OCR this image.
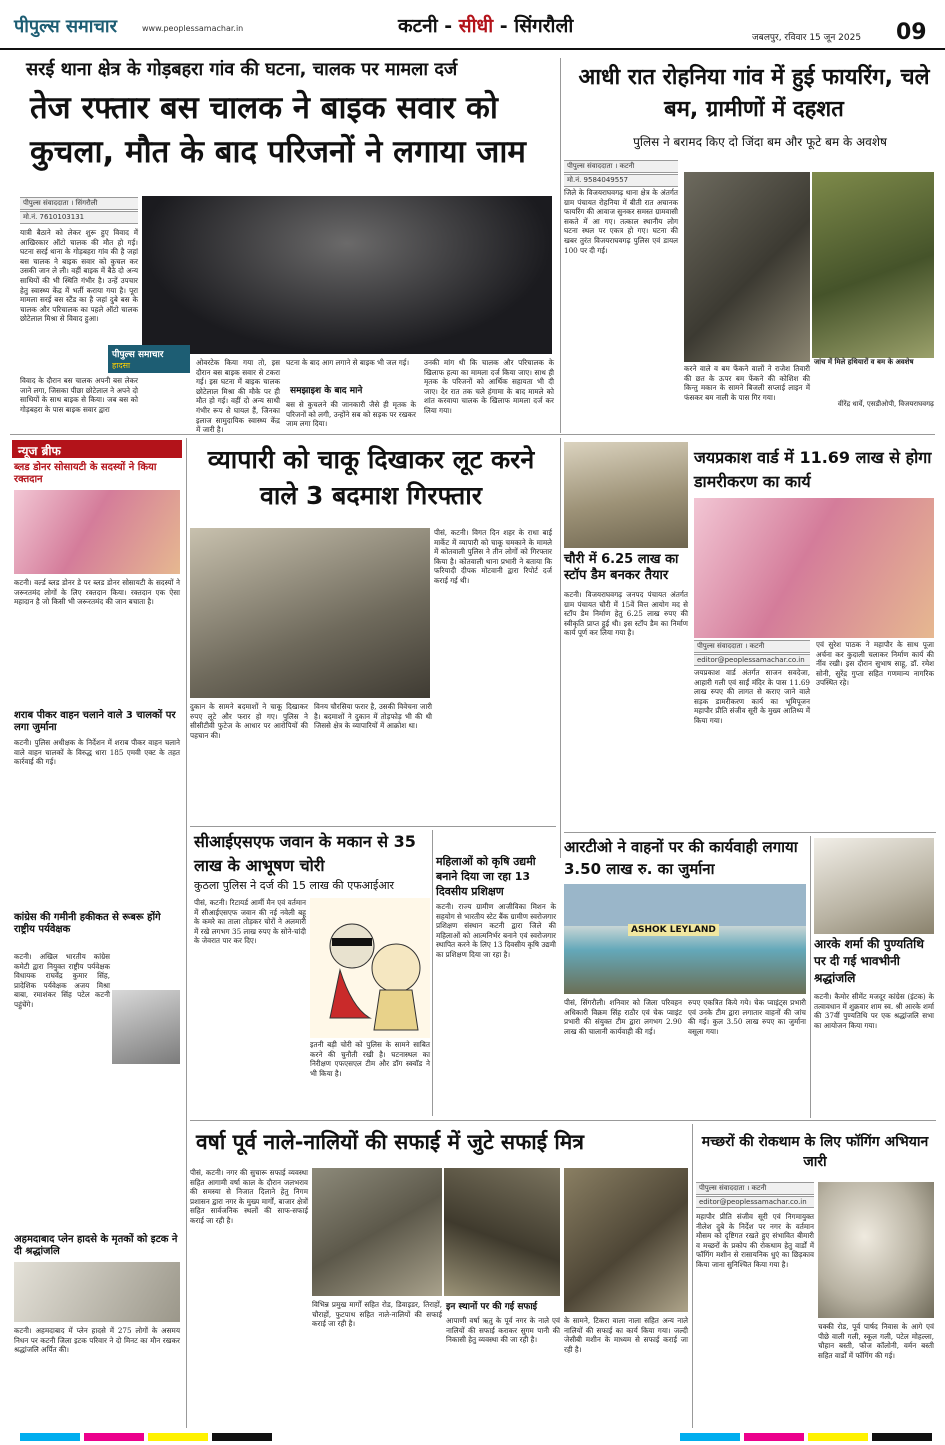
पीपुल्स समाचार	www.peoplessamachar.in	कटनी - सीधी - सिंगरौली
जबलपुर, रविवार 15 जून 2025 09
सरई थाना क्षेत्र के गोड़बहरा गांव की घटना, चालक पर मामला दर्ज
तेज रफ्तार बस चालक ने बाइक सवार को कुचला, मौत के बाद परिजनों ने लगाया जाम
पीपुल्स संवाददाता । सिंगरौली
मो.नं. 7610103131
यात्री बैठाने को लेकर शुरू हुए विवाद में आखिरकार ऑटो चालक की मौत हो गई। घटना सरई थाना के गोड़बहरा गांव की है जहां बस चालक ने बाइक सवार को कुचल कर उसकी जान ले ली। वहीं बाइक में बैठे दो अन्य साथियों की भी स्थिति गंभीर है। उन्हें उपचार हेतु स्वास्थ्य केंद्र में भर्ती कराया गया है। पूरा मामला सरई बस स्टैंड का है जहां दुबे बस के चालक और परिचालक का पहले ऑटो चालक छोटेलाल मिश्रा से विवाद हुआ।
पीपुल्स समाचार
हादसा
विवाद के दौरान बस चालक अपनी बस लेकर जाने लगा, जिसका पीछा छोटेलाल ने अपने दो साथियों के साथ बाइक से किया। जब बस को गोड़बहरा के पास बाइक सवार द्वारा
ओवरटेक किया गया तो, इस दौरान बस बाइक सवार से टकरा गई। इस घटना में बाइक चालक छोटेलाल मिश्रा की मौके पर ही मौत हो गई। वहीं दो अन्य साथी गंभीर रूप से घायल हैं, जिनका इलाज सामुदायिक स्वास्थ्य केंद्र में जारी है।
घटना के बाद आग लगाने से बाइक भी जल गई।
समझाइश के बाद माने
बस से कुचलने की जानकारी जैसे ही मृतक के परिजनों को लगी, उन्होंने सब को सड़क पर रखकर जाम लगा दिया।
उनकी मांग थी कि चालक और परिचालक के खिलाफ हत्या का मामला दर्ज किया जाए। साथ ही मृतक के परिजनों को आर्थिक सहायता भी दी जाए। देर रात तक चले हंगामा के बाद मामले को शांत करवाया चालक के खिलाफ मामला दर्ज कर लिया गया।
आधी रात रोहनिया गांव में हुई फायरिंग, चले बम, ग्रामीणों में दहशत
पुलिस ने बरामद किए दो जिंदा बम और फूटे बम के अवशेष
पीपुल्स संवाददाता । कटनी
मो.नं. 9584049557
जिले के विजयराघवगढ़ थाना क्षेत्र के अंतर्गत ग्राम पंचायत रोहनिया में बीती रात अचानक फायरिंग की आवाज सुनकर समस्त ग्रामवासी सकते में आ गए। तत्काल स्थानीय लोग घटना स्थल पर एकत्र हो गए। घटना की खबर तुरंत विजयराघवगढ़ पुलिस एवं डायल 100 पर दी गई।
करने वाले व बम फेंकने वालों ने राजेश तिवारी की छत के ऊपर बम फेंकने की कोशिश की किन्तु मकान के सामने बिजली सप्लाई लाइन में फंसकर बम नाली के पास गिर गया।
जांच में मिले हथियारों व बम के अवशेष
वीरेंद्र धार्वे, एसडीओपी, विजयराघवगढ़
न्यूज ब्रीफ
ब्लड डोनर सोसायटी के सदस्यों ने किया रक्तदान
कटनी। वर्ल्ड ब्लड डोनर डे पर ब्लड डोनर सोसायटी के सदस्यों ने जरूरतमंद लोगों के लिए रक्तदान किया। रक्तदान एक ऐसा महादान है जो किसी भी जरूरतमंद की जान बचाता है।
शराब पीकर वाहन चलाने वाले 3 चालकों पर लगा जुर्माना
कटनी। पुलिस अधीक्षक के निर्देशन में शराब पीकर वाहन चलाने वाले वाहन चालकों के विरुद्ध धारा 185 एमवी एक्ट के तहत कार्रवाई की गई।
कांग्रेस की गमीनी हकीकत से रूबरू होंगे राष्ट्रीय पर्यवेक्षक
कटनी। अखिल भारतीय कांग्रेस कमेटी द्वारा नियुक्त राष्ट्रीय पर्यवेक्षक विधायक राघवेंद्र कुमार सिंह, प्रादेशिक पर्यवेक्षक अजय मिश्रा बाबा, रमाशंकर सिंह पटेल कटनी पहुंचेंगे।
अहमदाबाद प्लेन हादसे के मृतकों को इटक ने दी श्रद्धांजलि
कटनी। अहमदाबाद में प्लेन हादसे में 275 लोगों के असमय निधन पर कटनी जिला इटक परिवार ने दो मिनट का मौन रखकर श्रद्धांजलि अर्पित की।
व्यापारी को चाकू दिखाकर लूट करने वाले 3 बदमाश गिरफ्तार
पीसं, कटनी। विगत दिन शहर के राधा बाई मार्केट में व्यापारी को चाकू चमकाने के मामले में कोतवाली पुलिस ने तीन लोगों को गिरफ्तार किया है। कोतवाली थाना प्रभारी ने बताया कि फरियादी दीपक मोटवानी द्वारा रिपोर्ट दर्ज कराई गई थी।
दुकान के सामने बदमाशों ने चाकू दिखाकर रुपए लूटे और फरार हो गए। पुलिस ने सीसीटीवी फुटेज के आधार पर आरोपियों की पहचान की।
विनय चौरसिया फरार है, उसकी विवेचना जारी है। बदमाशों ने दुकान में तोड़फोड़ भी की थी जिससे क्षेत्र के व्यापारियों में आक्रोश था।
चौरी में 6.25 लाख का स्टॉप डैम बनकर तैयार
कटनी। विजयराघवगढ़ जनपद पंचायत अंतर्गत ग्राम पंचायत चौरी में 15वें वित्त आयोग मद से स्टॉप डैम निर्माण हेतु 6.25 लाख रुपए की स्वीकृति प्राप्त हुई थी। इस स्टॉप डैम का निर्माण कार्य पूर्ण कर लिया गया है।
जयप्रकाश वार्ड में 11.69 लाख से होगा डामरीकरण का कार्य
पीपुल्स संवाददाता । कटनी
editor@peoplessamachar.co.in
जयप्रकाश वार्ड अंतर्गत साजन सवदेजा, आहारी गली एवं साईं मंदिर के पास 11.69 लाख रुपए की लागत से कराए जाने वाले सड़क डामरीकरण कार्य का भूमिपूजन महापौर प्रीति संजीव सूरी के मुख्य आतिथ्य में किया गया।
एवं सुरेश पाठक ने महापौर के साथ पूजा अर्चना कर कुदाली चलाकर निर्माण कार्य की नींव रखी। इस दौरान सुभाष साहू, डॉ. रमेश सोनी, सुरेंद्र गुप्ता सहित गणमान्य नागरिक उपस्थित रहे।
सीआईएसएफ जवान के मकान से 35 लाख के आभूषण चोरी
कुठला पुलिस ने दर्ज की 15 लाख की एफआईआर
पीसं, कटनी। रिटायर्ड आर्मी मैन एवं वर्तमान में सीआईएसएफ जवान की नई नवेली बहू के कमरे का ताला तोड़कर चोरों ने अलमारी में रखे लगभग 35 लाख रुपए के सोने-चांदी के जेवरात पार कर दिए।
इतनी बड़ी चोरी को पुलिस के सामने साबित करने की चुनौती रखी है। घटनास्थल का निरीक्षण एफएसएल टीम और डॉग स्क्वॉड ने भी किया है।
महिलाओं को कृषि उद्यमी बनाने दिया जा रहा 13 दिवसीय प्रशिक्षण
कटनी। राज्य ग्रामीण आजीविका मिशन के सहयोग से भारतीय स्टेट बैंक ग्रामीण स्वरोजगार प्रशिक्षण संस्थान कटनी द्वारा जिले की महिलाओं को आत्मनिर्भर बनाने एवं स्वरोजगार स्थापित करने के लिए 13 दिवसीय कृषि उद्यमी का प्रशिक्षण दिया जा रहा है।
आरटीओ ने वाहनों पर की कार्यवाही लगाया 3.50 लाख रु. का जुर्माना
ASHOK LEYLAND
पीसं, सिंगरौली। शनिवार को जिला परिवहन अधिकारी विक्रम सिंह राठौर एवं चेक प्वाइंट प्रभारी की संयुक्त टीम द्वारा लगभग 2.90 लाख की चालानी कार्यवाही की गई।
रुपए एकत्रित किये गये। चेक प्वाइंट्स प्रभारी एवं उनके टीम द्वारा लगातार वाहनों की जांच की गई। कुल 3.50 लाख रुपए का जुर्माना वसूला गया।
आरके शर्मा की पुण्यतिथि पर दी गई भावभीनी श्रद्धांजलि
कटनी। कैमोर सीमेंट मजदूर कांग्रेस (इंटक) के तत्वावधान में शुक्रवार शाम स्व. श्री आरके शर्मा की 37वीं पुण्यतिथि पर एक श्रद्धांजलि सभा का आयोजन किया गया।
वर्षा पूर्व नाले-नालियों की सफाई में जुटे सफाई मित्र
पीसं, कटनी। नगर की सुचारू सफाई व्यवस्था सहित आगामी वर्षा काल के दौरान जलभराव की समस्या से निजात दिलाने हेतु निगम प्रशासन द्वारा नगर के मुख्य मार्गों, बाजार क्षेत्रों सहित सार्वजनिक स्थलों की साफ-सफाई कराई जा रही है।
विभिन्न प्रमुख मार्गों सहित रोड, डिवाइडर, तिराहों, चौराहों, फुटपाथ सहित नाले-नालियों की सफाई कराई जा रही है।
इन स्थानों पर की गई सफाई
आपाणी वर्षा ऋतु के पूर्व नगर के नाले एवं नालियों की सफाई कराकर सुगम पानी की निकासी हेतु व्यवस्था की जा रही है।
के सामने, टिकरा वाला नाला सहित अन्य नाले नालियों की सफाई का कार्य किया गया। जल्दी जेसीबी मशीन के माध्यम से सफाई कराई जा रही है।
मच्छरों की रोकथाम के लिए फॉगिंग अभियान जारी
पीपुल्स संवाददाता । कटनी
editor@peoplessamachar.co.in
महापौर प्रीति संजीव सूरी एवं निगमायुक्त नीलेश दुबे के निर्देश पर नगर के वर्तमान मौसम को दृष्टिगत रखते हुए संभावित बीमारी व मच्छरों के प्रकोप की रोकथाम हेतु वार्डों में फॉगिंग मशीन से रासायनिक धुएं का छिड़काव किया जाना सुनिश्चित किया गया है।
चक्की रोड, पूर्व पार्षद निवास के आगे एवं पीछे वाली गली, स्कूल गली, पटेल मोहल्ला, चौहान बस्ती, फौज कॉलोनी, वर्मन बस्ती सहित वार्डों में फॉगिंग की गई।
